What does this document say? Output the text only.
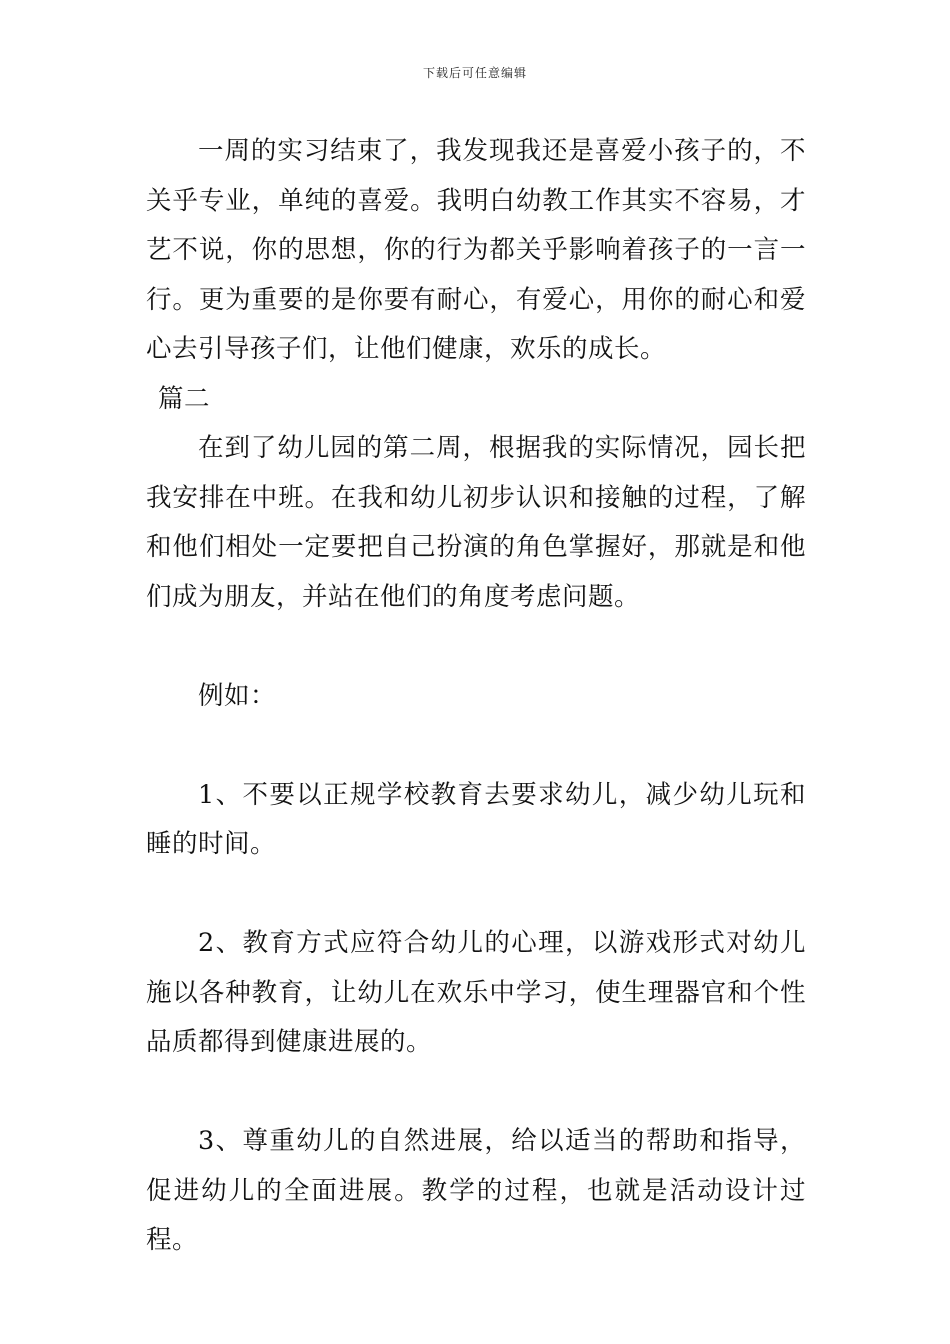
下载后可任意编辑

一周的实习结束了，我发现我还是喜爱小孩子的，不关乎专业，单纯的喜爱。我明白幼教工作其实不容易，才艺不说，你的思想，你的行为都关乎影响着孩子的一言一行。更为重要的是你要有耐心，有爱心，用你的耐心和爱心去引导孩子们，让他们健康，欢乐的成长。

篇二

在到了幼儿园的第二周，根据我的实际情况，园长把我安排在中班。在我和幼儿初步认识和接触的过程，了解和他们相处一定要把自己扮演的角色掌握好，那就是和他们成为朋友，并站在他们的角度考虑问题。

例如：

1、不要以正规学校教育去要求幼儿，减少幼儿玩和睡的时间。

2、教育方式应符合幼儿的心理，以游戏形式对幼儿施以各种教育，让幼儿在欢乐中学习，使生理器官和个性品质都得到健康进展的。

3、尊重幼儿的自然进展，给以适当的帮助和指导，促进幼儿的全面进展。教学的过程，也就是活动设计过程。
